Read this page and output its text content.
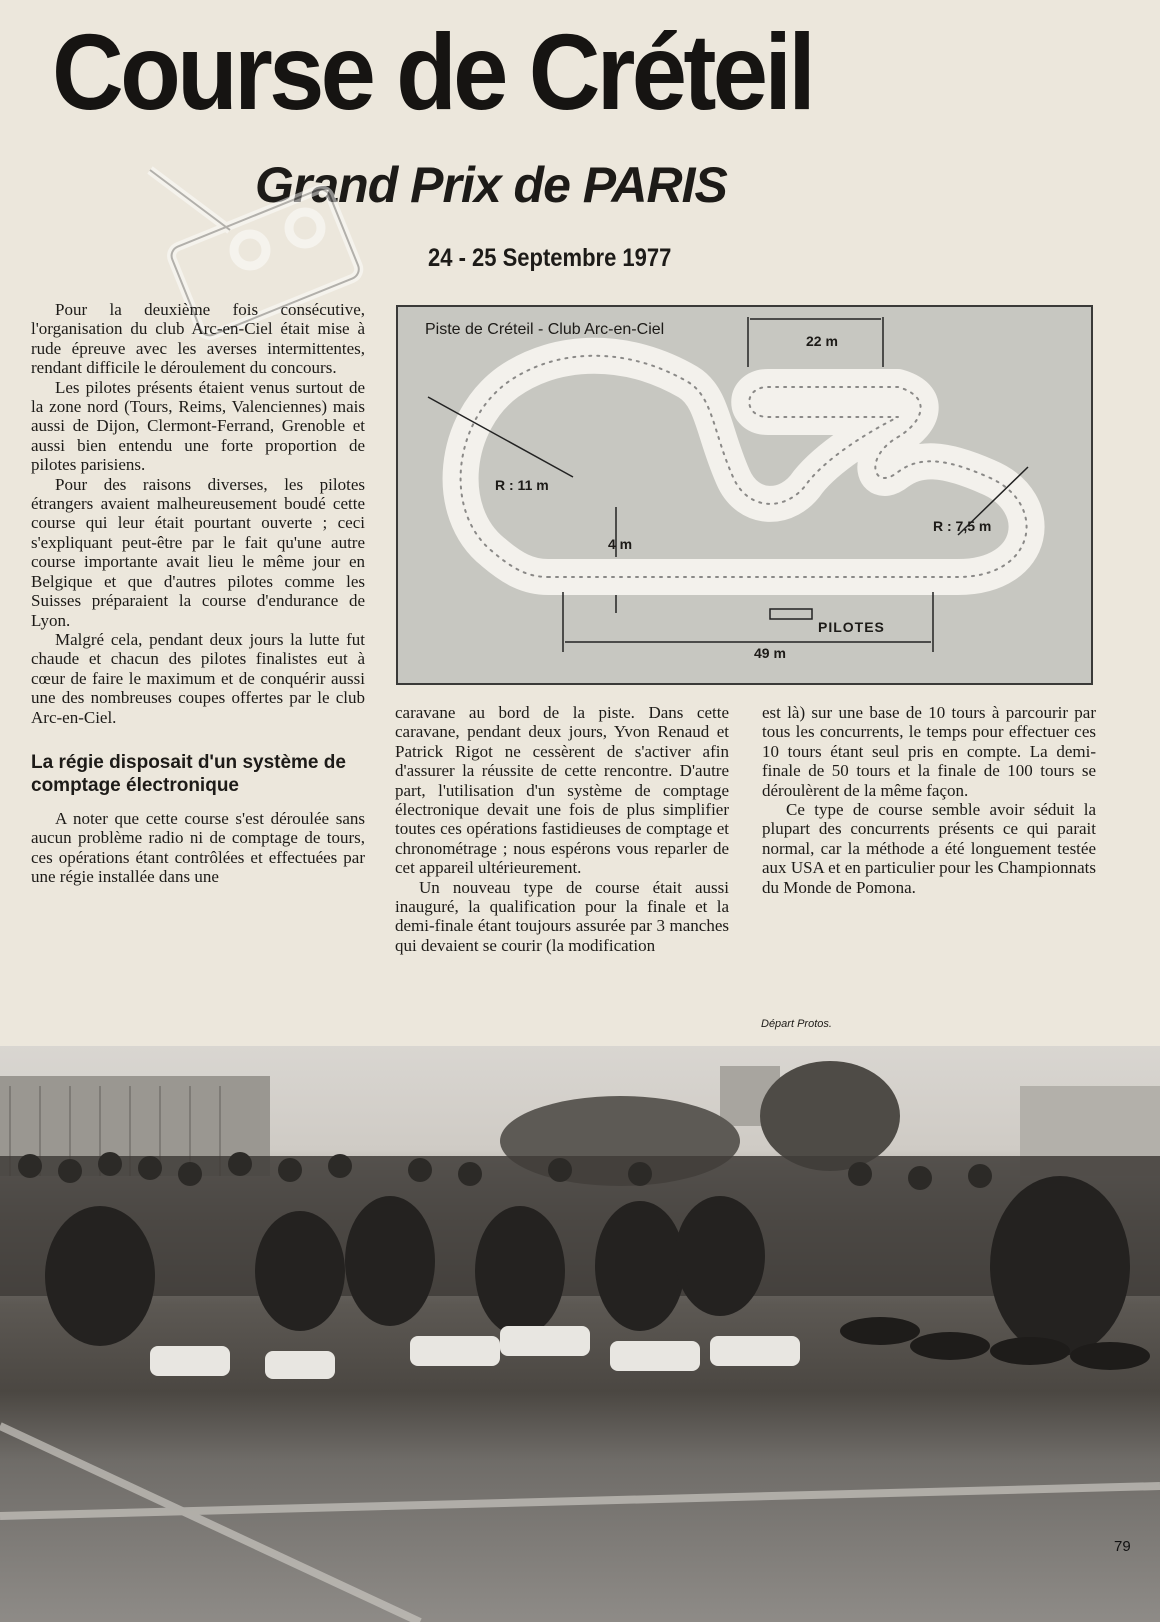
Course de Créteil
Grand Prix de PARIS
24 - 25 Septembre 1977

Pour la deuxième fois consécutive, l'organisation du club Arc-en-Ciel était mise à rude épreuve avec les averses intermittentes, rendant difficile le déroulement du concours.

Les pilotes présents étaient venus surtout de la zone nord (Tours, Reims, Valenciennes) mais aussi de Dijon, Clermont-Ferrand, Grenoble et aussi bien entendu une forte proportion de pilotes parisiens.

Pour des raisons diverses, les pilotes étrangers avaient malheureusement boudé cette course qui leur était pourtant ouverte ; ceci s'expliquant peut-être par le fait qu'une autre course importante avait lieu le même jour en Belgique et que d'autres pilotes comme les Suisses préparaient la course d'endurance de Lyon.

Malgré cela, pendant deux jours la lutte fut chaude et chacun des pilotes finalistes eut à cœur de faire le maximum et de conquérir aussi une des nombreuses coupes offertes par le club Arc-en-Ciel.

La régie disposait d'un système de comptage électronique

A noter que cette course s'est déroulée sans aucun problème radio ni de comptage de tours, ces opérations étant contrôlées et effectuées par une régie installée dans une

Piste de Créteil - Club Arc-en-Ciel
22 m
R : 11 m
4 m
R : 7,5 m
PILOTES
49 m

caravane au bord de la piste. Dans cette caravane, pendant deux jours, Yvon Renaud et Patrick Rigot ne cessèrent de s'activer afin d'assurer la réussite de cette rencontre. D'autre part, l'utilisation d'un système de comptage électronique devait une fois de plus simplifier toutes ces opérations fastidieuses de comptage et chronométrage ; nous espérons vous reparler de cet appareil ultérieurement.

Un nouveau type de course était aussi inauguré, la qualification pour la finale et la demi-finale étant toujours assurée par 3 manches qui devaient se courir (la modification

est là) sur une base de 10 tours à parcourir par tous les concurrents, le temps pour effectuer ces 10 tours étant seul pris en compte. La demi-finale de 50 tours et la finale de 100 tours se déroulèrent de la même façon.

Ce type de course semble avoir séduit la plupart des concurrents présents ce qui parait normal, car la méthode a été longuement testée aux USA et en particulier pour les Championnats du Monde de Pomona.

Départ Protos.
79
